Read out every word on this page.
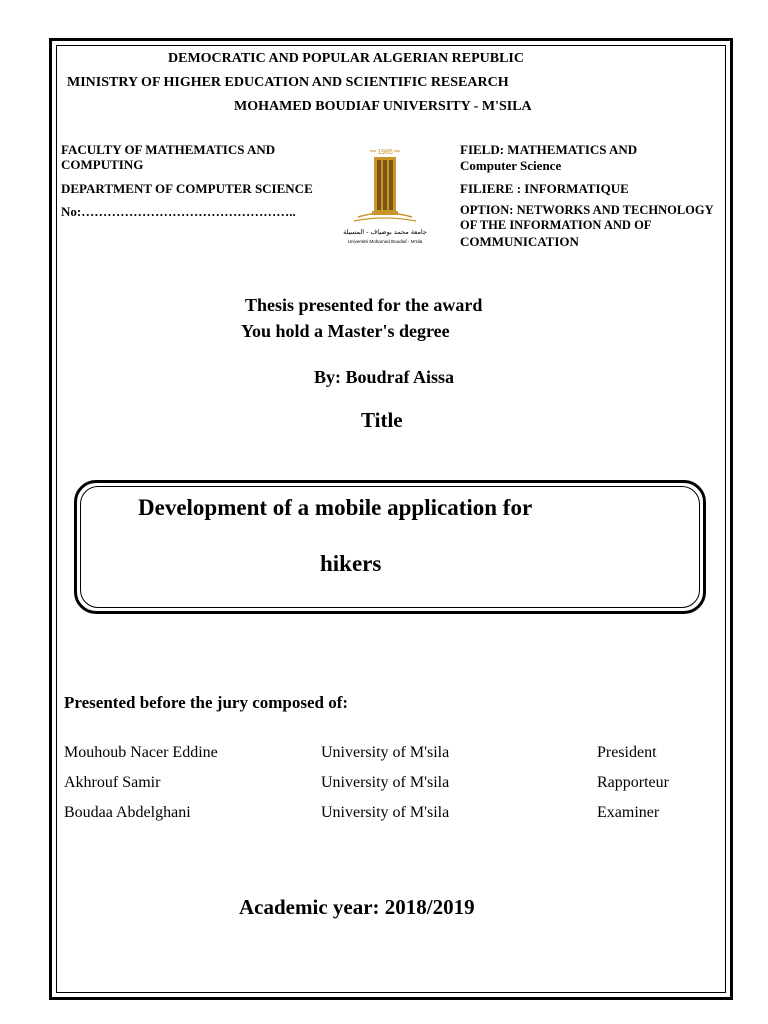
DEMOCRATIC AND POPULAR ALGERIAN REPUBLIC
MINISTRY OF HIGHER EDUCATION AND SCIENTIFIC RESEARCH
MOHAMED BOUDIAF UNIVERSITY - M'SILA
FACULTY OF MATHEMATICS AND
COMPUTING
DEPARTMENT OF COMPUTER SCIENCE
No:…………………………………………..
1985
جامعة محمد بوضياف - المسيلة
Université Mohamed Boudiaf - M'sila
FIELD: MATHEMATICS AND
Computer Science
FILIERE : INFORMATIQUE
OPTION: NETWORKS AND TECHNOLOGY
OF THE INFORMATION AND OF
COMMUNICATION
Thesis presented for the award
You hold a Master's degree
By: Boudraf Aissa
Title
Development of a mobile application for
hikers
Presented before the jury composed of:
Mouhoub Nacer Eddine	University of M'sila	President
Akhrouf Samir	University of M'sila	Rapporteur
Boudaa Abdelghani	University of M'sila	Examiner
Academic year: 2018/2019
